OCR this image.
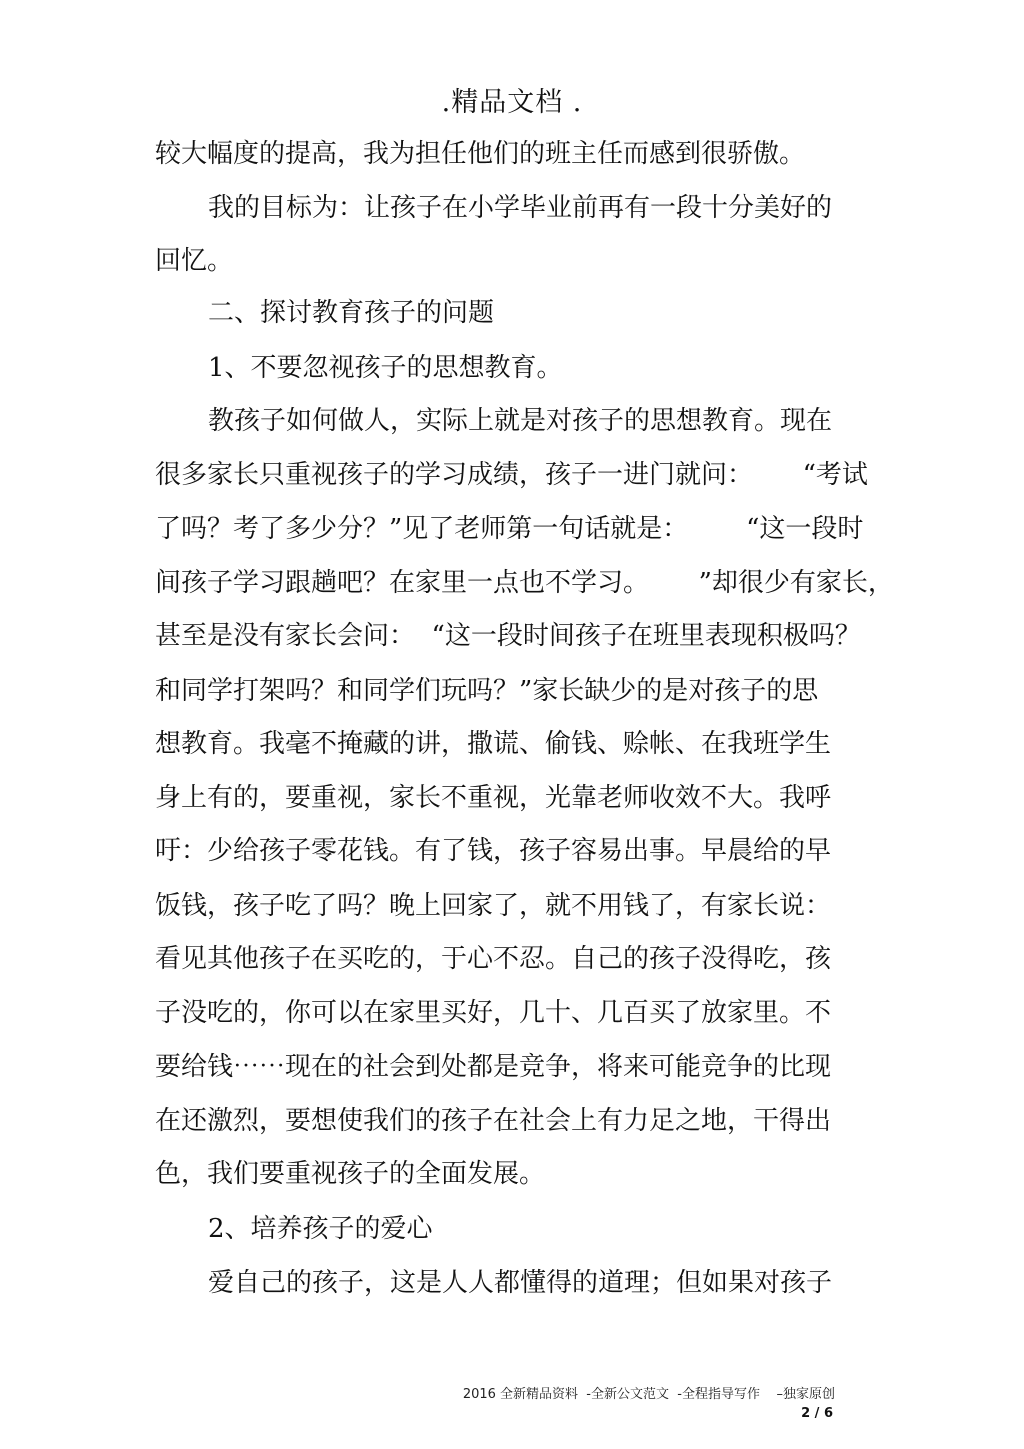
.精品文档 .
较大幅度的提高，我为担任他们的班主任而感到很骄傲。
我的目标为：让孩子在小学毕业前再有一段十分美好的
回忆。
二、探讨教育孩子的问题
1、不要忽视孩子的思想教育。
教孩子如何做人，实际上就是对孩子的思想教育。现在
很多家长只重视孩子的学习成绩，孩子一进门就问：      “考试
了吗？考了多少分？”见了老师第一句话就是：       “这一段时
间孩子学习跟趟吧？在家里一点也不学习。      ”却很少有家长，
甚至是没有家长会问：  “这一段时间孩子在班里表现积极吗？
和同学打架吗？和同学们玩吗？”家长缺少的是对孩子的思
想教育。我毫不掩藏的讲，撒谎、偷钱、赊帐、在我班学生
身上有的，要重视，家长不重视，光靠老师收效不大。我呼
吁：少给孩子零花钱。有了钱，孩子容易出事。早晨给的早
饭钱，孩子吃了吗？晚上回家了，就不用钱了，有家长说：
看见其他孩子在买吃的，于心不忍。自己的孩子没得吃，孩
子没吃的，你可以在家里买好，几十、几百买了放家里。不
要给钱⋯⋯现在的社会到处都是竞争，将来可能竞争的比现
在还激烈，要想使我们的孩子在社会上有力足之地，干得出
色，我们要重视孩子的全面发展。
2、培养孩子的爱心
爱自己的孩子，这是人人都懂得的道理；但如果对孩子
2016 全新精品资料  -全新公文范文  -全程指导写作    –独家原创
2 / 6
